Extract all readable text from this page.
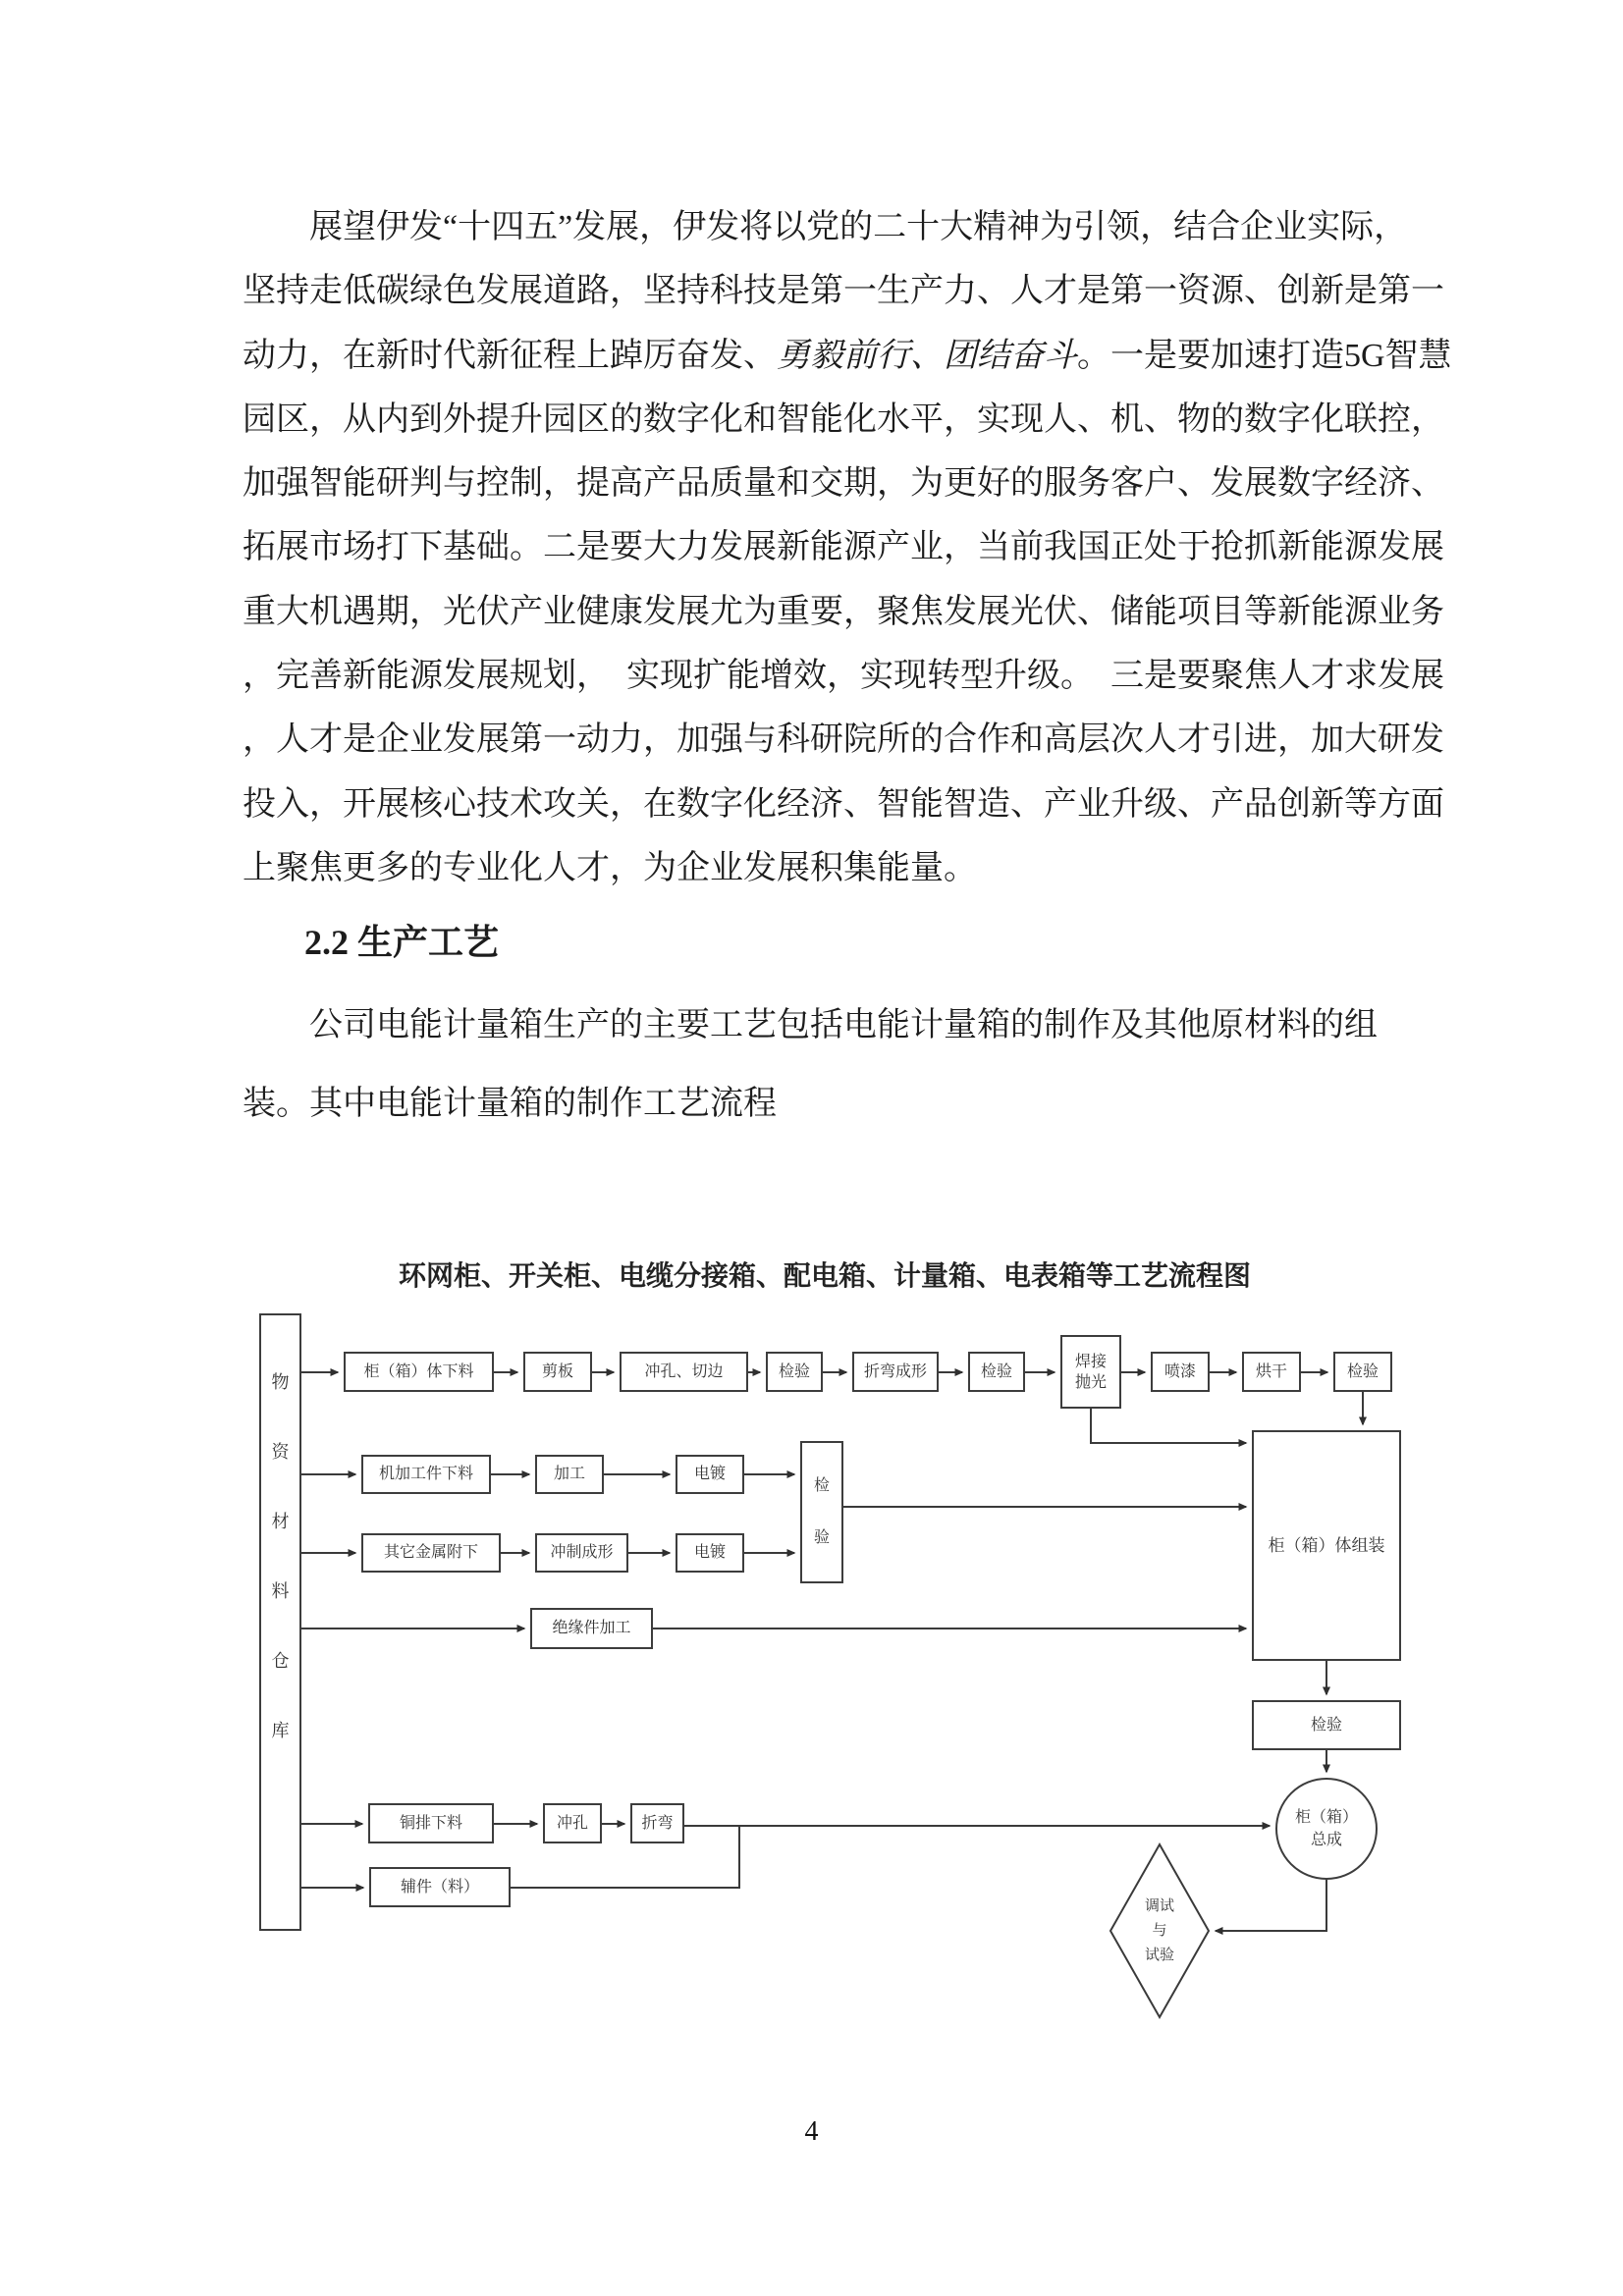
展望伊发“十四五”发展，伊发将以党的二十大精神为引领，结合企业实际，
坚持走低碳绿色发展道路，坚持科技是第一生产力、人才是第一资源、创新是第一
动力，在新时代新征程上踔厉奋发、勇毅前行、团结奋斗。一是要加速打造5G智慧
园区，从内到外提升园区的数字化和智能化水平，实现人、机、物的数字化联控，
加强智能研判与控制，提高产品质量和交期，为更好的服务客户、发展数字经济、
拓展市场打下基础。二是要大力发展新能源产业，当前我国正处于抢抓新能源发展
重大机遇期，光伏产业健康发展尤为重要，聚焦发展光伏、储能项目等新能源业务
，完善新能源发展规划，  实现扩能增效，实现转型升级。  三是要聚焦人才求发展
，人才是企业发展第一动力，加强与科研院所的合作和高层次人才引进，加大研发
投入，开展核心技术攻关，在数字化经济、智能智造、产业升级、产品创新等方面
上聚焦更多的专业化人才，为企业发展积集能量。
2.2 生产工艺
公司电能计量箱生产的主要工艺包括电能计量箱的制作及其他原材料的组
装。其中电能计量箱的制作工艺流程
环网柜、开关柜、电缆分接箱、配电箱、计量箱、电表箱等工艺流程图
物
资
材
料
仓
库
柜（箱）体下料	剪板	冲孔、切边	检验	折弯成形	检验
焊接
抛光
喷漆	烘干	检验
机加工件下料	加工	电镀
其它金属附下	冲制成形	电镀
检
验
绝缘件加工
柜（箱）体组装
检验
柜（箱）
总成
铜排下料	冲孔	折弯
辅件（料）
调试
与
试验
4
